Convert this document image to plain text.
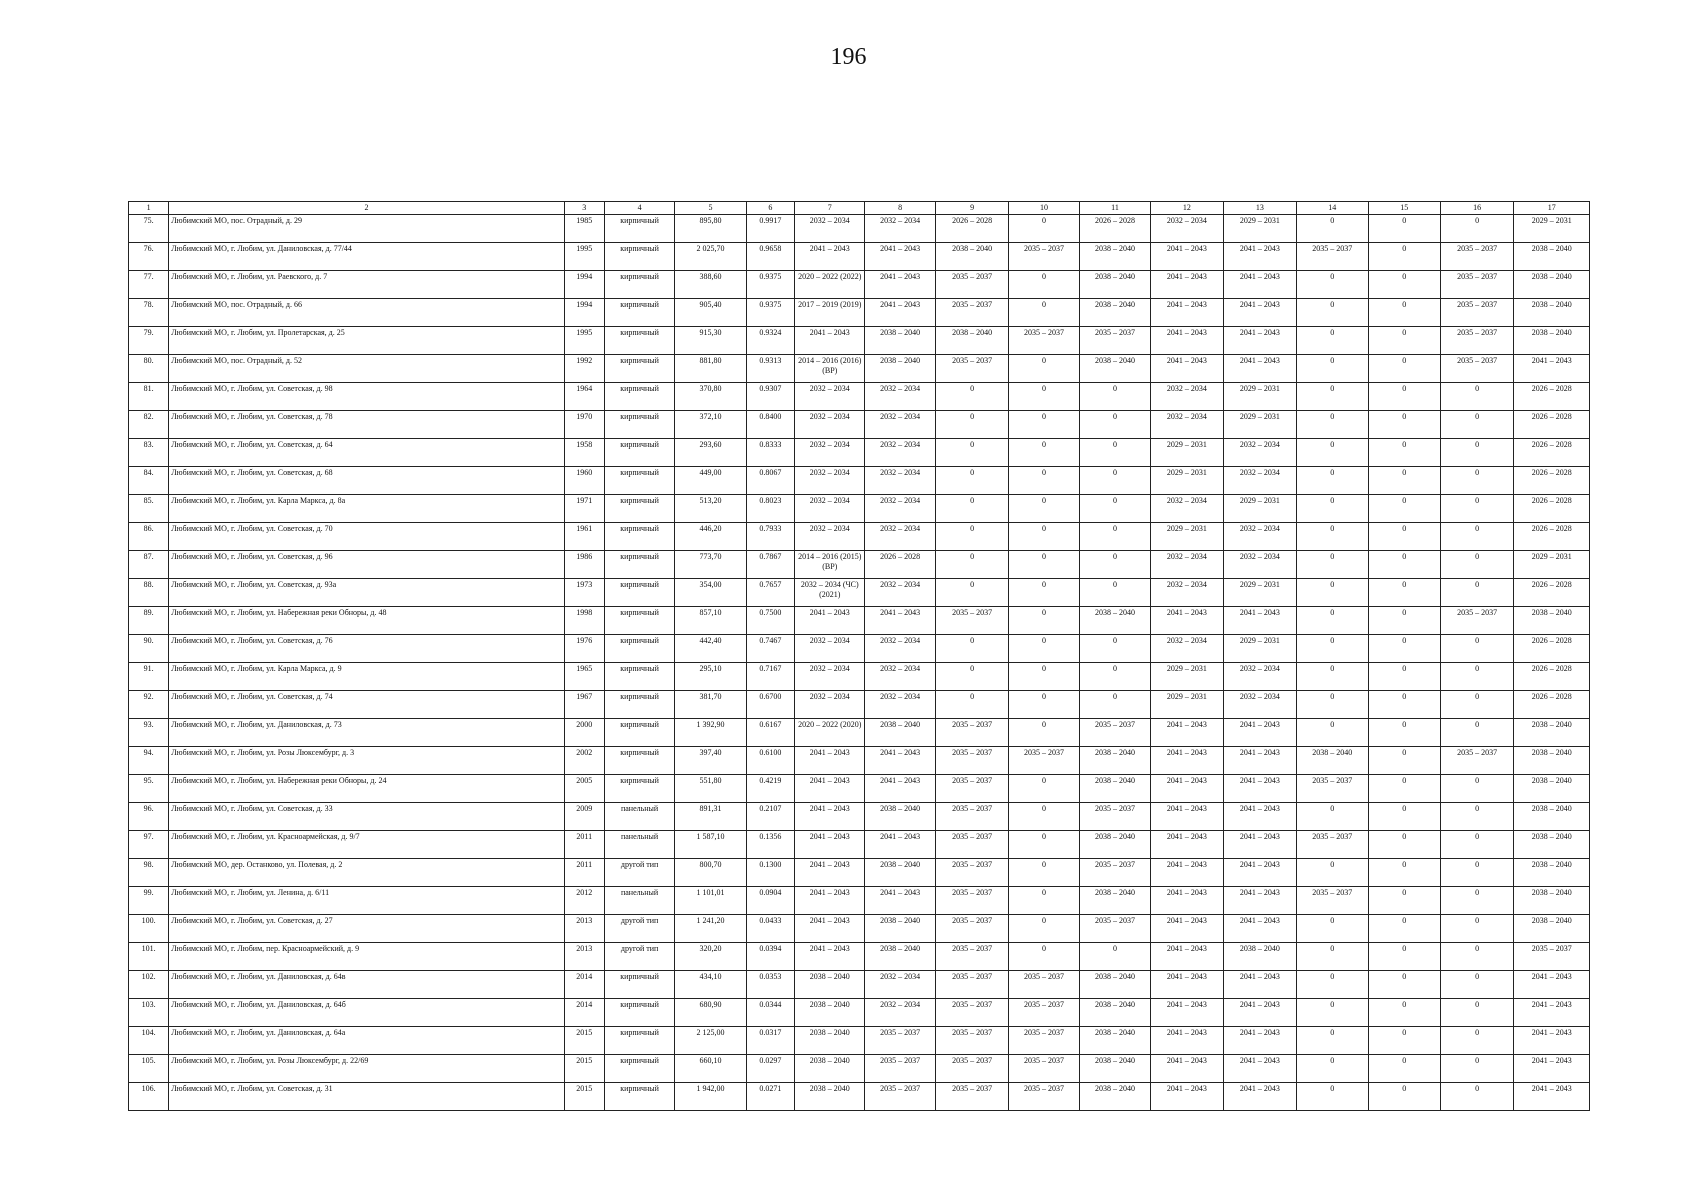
196
1	2	3	4	5	6	7	8	9	10	11	12	13	14	15	16	17
75.	Любимский МО, пос. Отрадный, д. 29	1985	кирпичный	895,80	0.9917	2032 – 2034	2032 – 2034	2026 – 2028	0	2026 – 2028	2032 – 2034	2029 – 2031	0	0	0	2029 – 2031
76.	Любимский МО, г. Любим, ул. Даниловская, д. 77/44	1995	кирпичный	2 025,70	0.9658	2041 – 2043	2041 – 2043	2038 – 2040	2035 – 2037	2038 – 2040	2041 – 2043	2041 – 2043	2035 – 2037	0	2035 – 2037	2038 – 2040
77.	Любимский МО, г. Любим, ул. Раевского, д. 7	1994	кирпичный	388,60	0.9375	2020 – 2022 (2022)	2041 – 2043	2035 – 2037	0	2038 – 2040	2041 – 2043	2041 – 2043	0	0	2035 – 2037	2038 – 2040
78.	Любимский МО, пос. Отрадный, д. 66	1994	кирпичный	905,40	0.9375	2017 – 2019 (2019)	2041 – 2043	2035 – 2037	0	2038 – 2040	2041 – 2043	2041 – 2043	0	0	2035 – 2037	2038 – 2040
79.	Любимский МО, г. Любим, ул. Пролетарская, д. 25	1995	кирпичный	915,30	0.9324	2041 – 2043	2038 – 2040	2038 – 2040	2035 – 2037	2035 – 2037	2041 – 2043	2041 – 2043	0	0	2035 – 2037	2038 – 2040
80.	Любимский МО, пос. Отрадный, д. 52	1992	кирпичный	881,80	0.9313	2014 – 2016 (2016) (ВР)	2038 – 2040	2035 – 2037	0	2038 – 2040	2041 – 2043	2041 – 2043	0	0	2035 – 2037	2041 – 2043
81.	Любимский МО, г. Любим, ул. Советская, д. 98	1964	кирпичный	370,80	0.9307	2032 – 2034	2032 – 2034	0	0	0	2032 – 2034	2029 – 2031	0	0	0	2026 – 2028
82.	Любимский МО, г. Любим, ул. Советская, д. 78	1970	кирпичный	372,10	0.8400	2032 – 2034	2032 – 2034	0	0	0	2032 – 2034	2029 – 2031	0	0	0	2026 – 2028
83.	Любимский МО, г. Любим, ул. Советская, д. 64	1958	кирпичный	293,60	0.8333	2032 – 2034	2032 – 2034	0	0	0	2029 – 2031	2032 – 2034	0	0	0	2026 – 2028
84.	Любимский МО, г. Любим, ул. Советская, д. 68	1960	кирпичный	449,00	0.8067	2032 – 2034	2032 – 2034	0	0	0	2029 – 2031	2032 – 2034	0	0	0	2026 – 2028
85.	Любимский МО, г. Любим, ул. Карла Маркса, д. 8а	1971	кирпичный	513,20	0.8023	2032 – 2034	2032 – 2034	0	0	0	2032 – 2034	2029 – 2031	0	0	0	2026 – 2028
86.	Любимский МО, г. Любим, ул. Советская, д. 70	1961	кирпичный	446,20	0.7933	2032 – 2034	2032 – 2034	0	0	0	2029 – 2031	2032 – 2034	0	0	0	2026 – 2028
87.	Любимский МО, г. Любим, ул. Советская, д. 96	1986	кирпичный	773,70	0.7867	2014 – 2016 (2015) (ВР)	2026 – 2028	0	0	0	2032 – 2034	2032 – 2034	0	0	0	2029 – 2031
88.	Любимский МО, г. Любим, ул. Советская, д. 93а	1973	кирпичный	354,00	0.7657	2032 – 2034 (ЧС) (2021)	2032 – 2034	0	0	0	2032 – 2034	2029 – 2031	0	0	0	2026 – 2028
89.	Любимский МО, г. Любим, ул. Набережная реки Обноры, д. 48	1998	кирпичный	857,10	0.7500	2041 – 2043	2041 – 2043	2035 – 2037	0	2038 – 2040	2041 – 2043	2041 – 2043	0	0	2035 – 2037	2038 – 2040
90.	Любимский МО, г. Любим, ул. Советская, д. 76	1976	кирпичный	442,40	0.7467	2032 – 2034	2032 – 2034	0	0	0	2032 – 2034	2029 – 2031	0	0	0	2026 – 2028
91.	Любимский МО, г. Любим, ул. Карла Маркса, д. 9	1965	кирпичный	295,10	0.7167	2032 – 2034	2032 – 2034	0	0	0	2029 – 2031	2032 – 2034	0	0	0	2026 – 2028
92.	Любимский МО, г. Любим, ул. Советская, д. 74	1967	кирпичный	381,70	0.6700	2032 – 2034	2032 – 2034	0	0	0	2029 – 2031	2032 – 2034	0	0	0	2026 – 2028
93.	Любимский МО, г. Любим, ул. Даниловская, д. 73	2000	кирпичный	1 392,90	0.6167	2020 – 2022 (2020)	2038 – 2040	2035 – 2037	0	2035 – 2037	2041 – 2043	2041 – 2043	0	0	0	2038 – 2040
94.	Любимский МО, г. Любим, ул. Розы Люксембург, д. 3	2002	кирпичный	397,40	0.6100	2041 – 2043	2041 – 2043	2035 – 2037	2035 – 2037	2038 – 2040	2041 – 2043	2041 – 2043	2038 – 2040	0	2035 – 2037	2038 – 2040
95.	Любимский МО, г. Любим, ул. Набережная реки Обноры, д. 24	2005	кирпичный	551,80	0.4219	2041 – 2043	2041 – 2043	2035 – 2037	0	2038 – 2040	2041 – 2043	2041 – 2043	2035 – 2037	0	0	2038 – 2040
96.	Любимский МО, г. Любим, ул. Советская, д. 33	2009	панельный	891,31	0.2107	2041 – 2043	2038 – 2040	2035 – 2037	0	2035 – 2037	2041 – 2043	2041 – 2043	0	0	0	2038 – 2040
97.	Любимский МО, г. Любим, ул. Красноармейская, д. 9/7	2011	панельный	1 587,10	0.1356	2041 – 2043	2041 – 2043	2035 – 2037	0	2038 – 2040	2041 – 2043	2041 – 2043	2035 – 2037	0	0	2038 – 2040
98.	Любимский МО, дер. Останково, ул. Полевая, д. 2	2011	другой тип	800,70	0.1300	2041 – 2043	2038 – 2040	2035 – 2037	0	2035 – 2037	2041 – 2043	2041 – 2043	0	0	0	2038 – 2040
99.	Любимский МО, г. Любим, ул. Ленина, д. 6/11	2012	панельный	1 101,01	0.0904	2041 – 2043	2041 – 2043	2035 – 2037	0	2038 – 2040	2041 – 2043	2041 – 2043	2035 – 2037	0	0	2038 – 2040
100.	Любимский МО, г. Любим, ул. Советская, д. 27	2013	другой тип	1 241,20	0.0433	2041 – 2043	2038 – 2040	2035 – 2037	0	2035 – 2037	2041 – 2043	2041 – 2043	0	0	0	2038 – 2040
101.	Любимский МО, г. Любим, пер. Красноармейский, д. 9	2013	другой тип	320,20	0.0394	2041 – 2043	2038 – 2040	2035 – 2037	0	0	2041 – 2043	2038 – 2040	0	0	0	2035 – 2037
102.	Любимский МО, г. Любим, ул. Даниловская, д. 64в	2014	кирпичный	434,10	0.0353	2038 – 2040	2032 – 2034	2035 – 2037	2035 – 2037	2038 – 2040	2041 – 2043	2041 – 2043	0	0	0	2041 – 2043
103.	Любимский МО, г. Любим, ул. Даниловская, д. 64б	2014	кирпичный	680,90	0.0344	2038 – 2040	2032 – 2034	2035 – 2037	2035 – 2037	2038 – 2040	2041 – 2043	2041 – 2043	0	0	0	2041 – 2043
104.	Любимский МО, г. Любим, ул. Даниловская, д. 64а	2015	кирпичный	2 125,00	0.0317	2038 – 2040	2035 – 2037	2035 – 2037	2035 – 2037	2038 – 2040	2041 – 2043	2041 – 2043	0	0	0	2041 – 2043
105.	Любимский МО, г. Любим, ул. Розы Люксембург, д. 22/69	2015	кирпичный	660,10	0.0297	2038 – 2040	2035 – 2037	2035 – 2037	2035 – 2037	2038 – 2040	2041 – 2043	2041 – 2043	0	0	0	2041 – 2043
106.	Любимский МО, г. Любим, ул. Советская, д. 31	2015	кирпичный	1 942,00	0.0271	2038 – 2040	2035 – 2037	2035 – 2037	2035 – 2037	2038 – 2040	2041 – 2043	2041 – 2043	0	0	0	2041 – 2043
